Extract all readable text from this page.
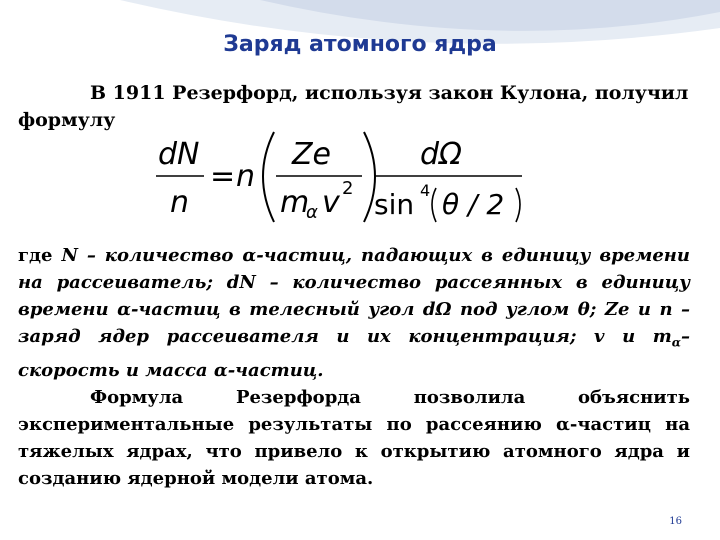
Заряд атомного ядра
В 1911 Резерфорд, используя закон Кулона, получил
формулу
dN
n
= n
Ze
m
α v 2
dΩ
sin 4 θ / 2

где N – количество α-частиц, падающих в единицу времени на рассеиватель; dN – количество рассеянных в единицу времени α-частиц в телесный угол dΩ под углом θ; Ze и n – заряд ядер рассеивателя и их концентрация; v и $m_\alpha$–скорость и масса α-частиц.

Формула Резерфорда позволила объяснить экспериментальные результаты по рассеянию α-частиц на тяжелых ядрах, что привело к открытию атомного ядра и созданию ядерной модели атома.

16
